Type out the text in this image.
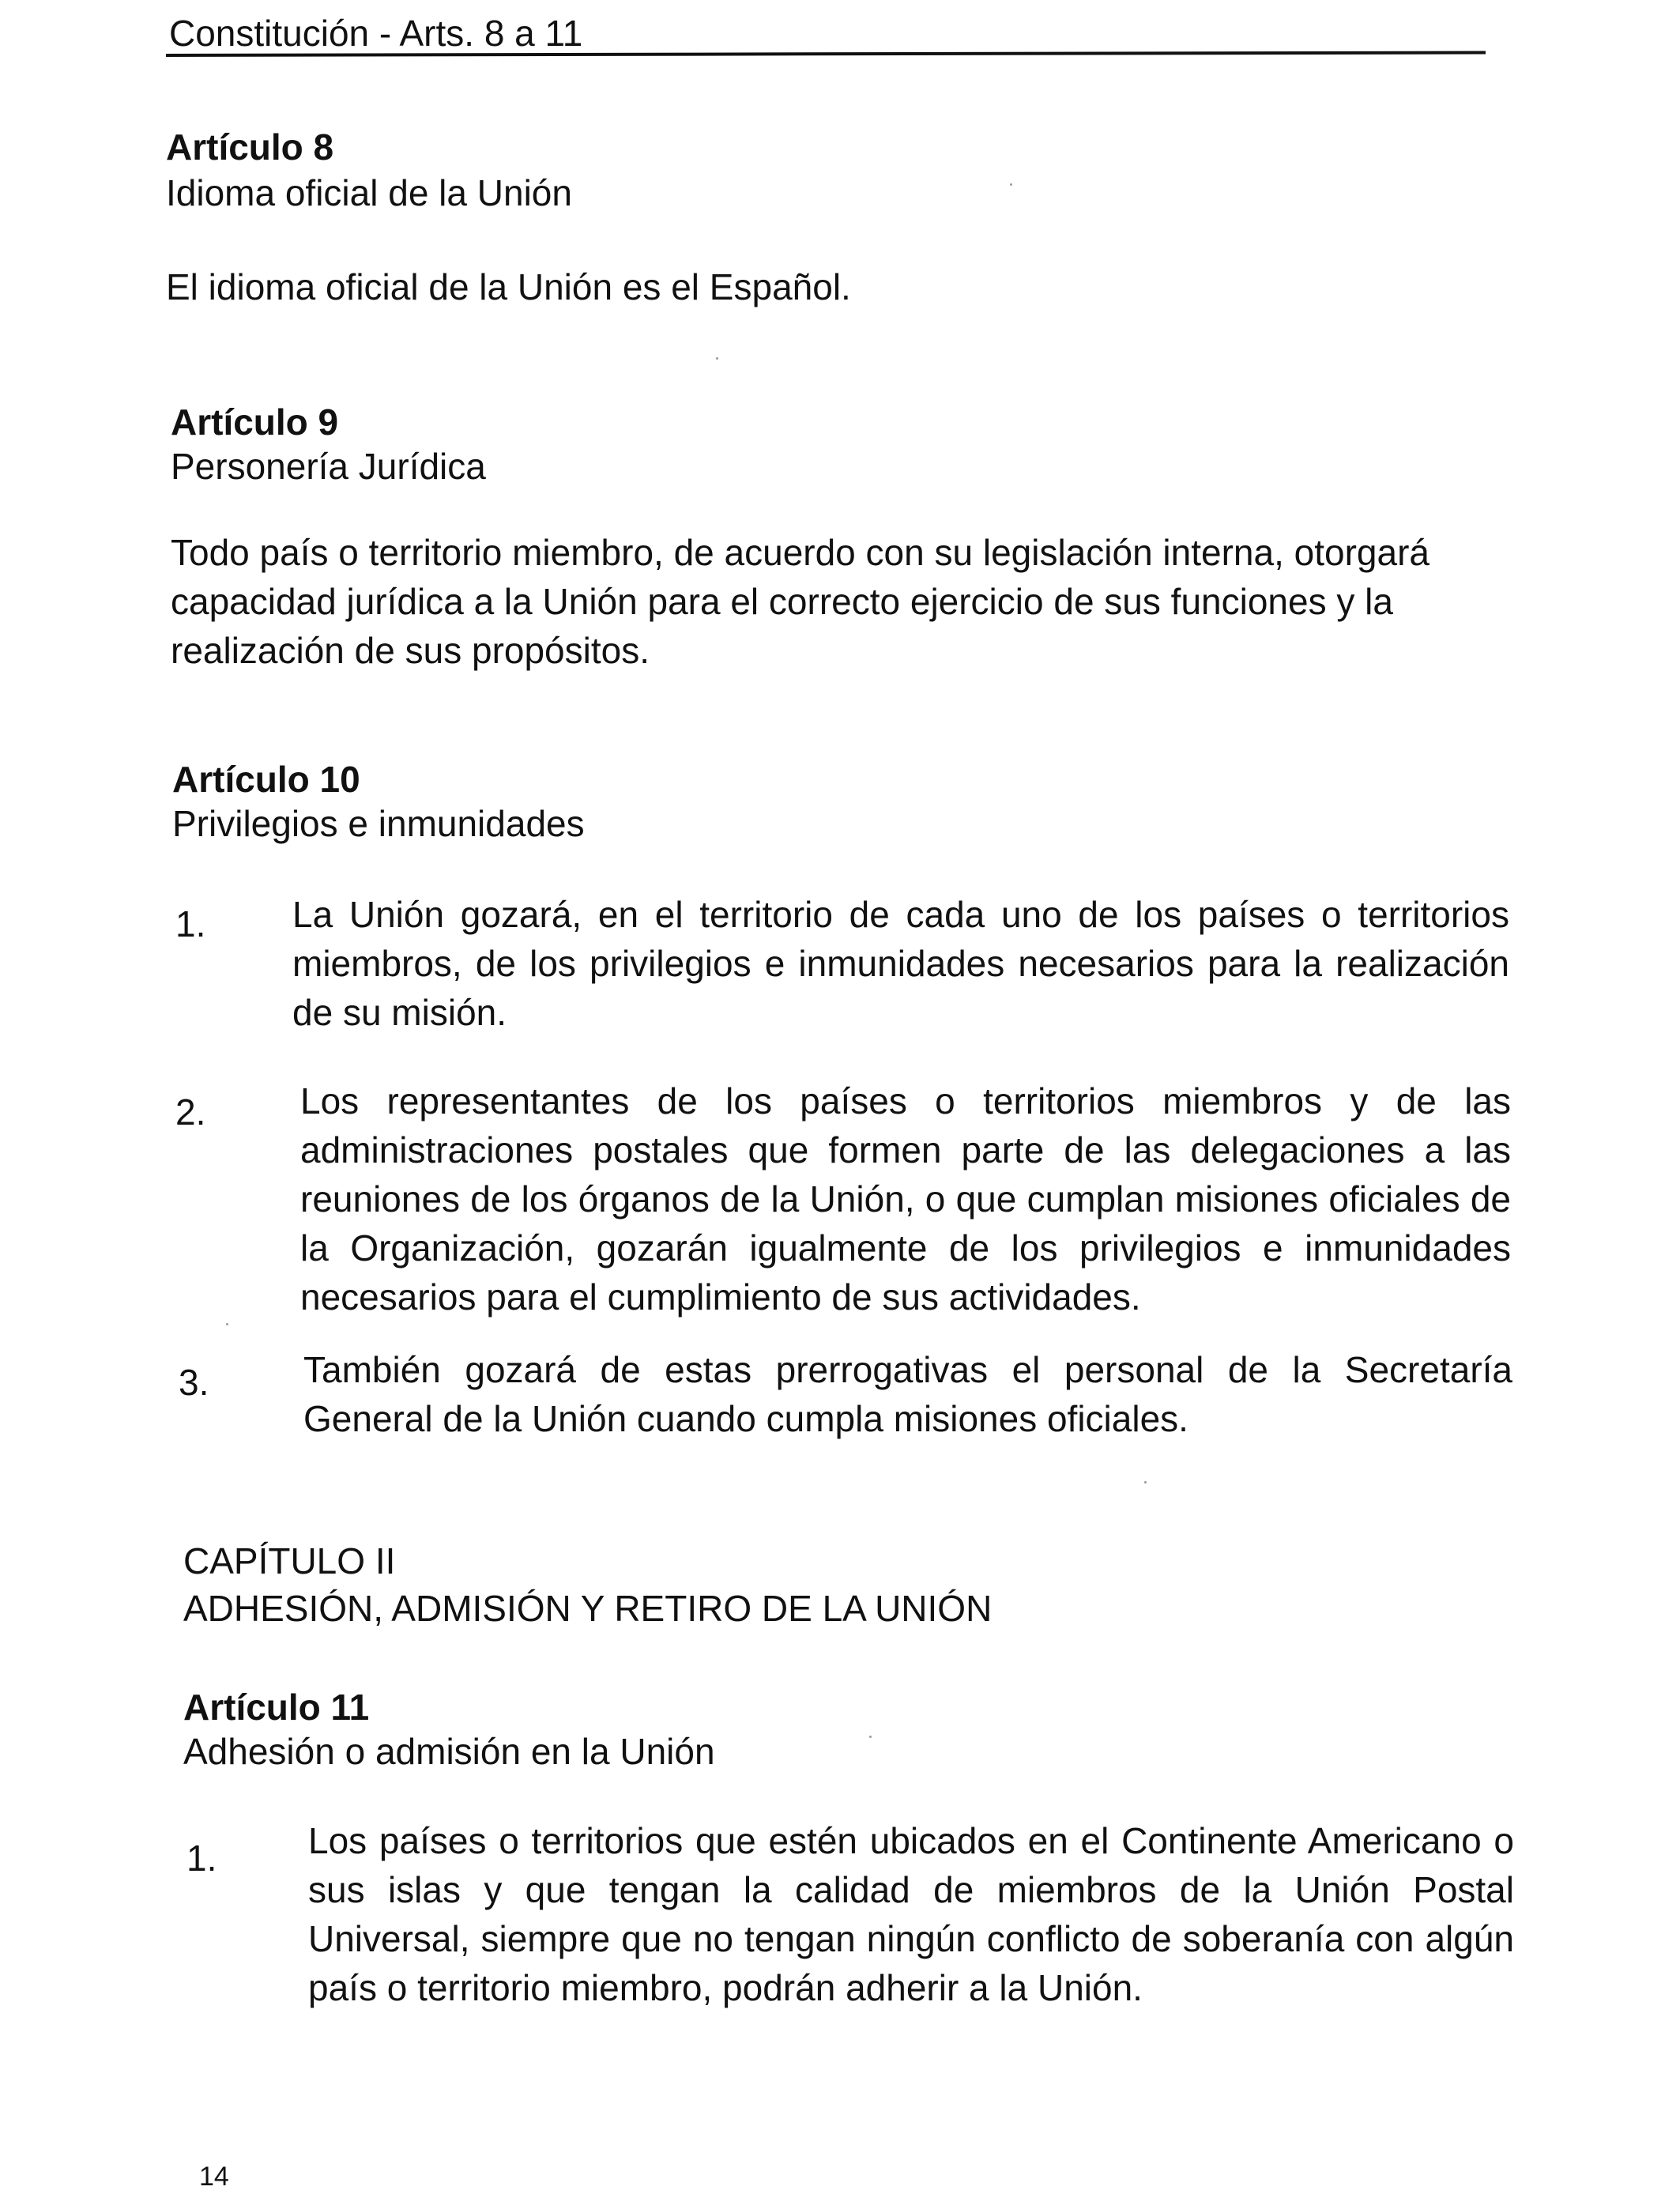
Constitución - Arts. 8 a 11
Artículo 8
Idioma oficial de la Unión
El idioma oficial de la Unión es el Español.
Artículo 9
Personería Jurídica
Todo país o territorio miembro, de acuerdo con su legislación interna, otorgará capacidad jurídica a la Unión para el correcto ejercicio de sus funciones y la realización de sus propósitos.
Artículo 10
Privilegios e inmunidades
1.	La Unión gozará, en el territorio de cada uno de los países o territorios miembros, de los privilegios e inmunidades necesarios para la realización de su misión.
2.	Los representantes de los países o territorios miembros y de las administraciones postales que formen parte de las delegaciones a las reuniones de los órganos de la Unión, o que cumplan misiones oficiales de la Organización, gozarán igualmente de los privilegios e inmunidades necesarios para el cumplimiento de sus actividades.
3.	También gozará de estas prerrogativas el personal de la Secretaría General de la Unión cuando cumpla misiones oficiales.
CAPÍTULO II
ADHESIÓN, ADMISIÓN Y RETIRO DE LA UNIÓN
Artículo 11
Adhesión o admisión en la Unión
1.	Los países o territorios que estén ubicados en el Continente Americano o sus islas y que tengan la calidad de miembros de la Unión Postal Universal, siempre que no tengan ningún conflicto de soberanía con algún país o territorio miembro, podrán adherir a la Unión.
14
